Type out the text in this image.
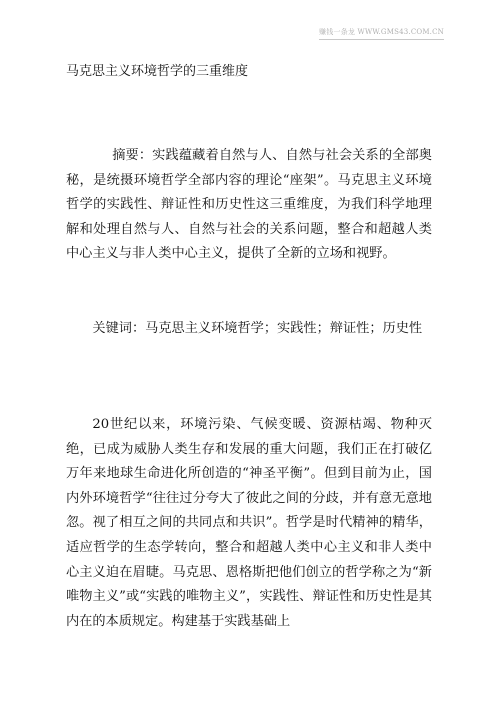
赚钱一条龙 WWW.GMS43.COM.CN
马克思主义环境哲学的三重维度

摘要：实践蕴藏着自然与人、自然与社会关系的全部奥秘，是统摄环境哲学全部内容的理论“座架”。马克思主义环境哲学的实践性、辩证性和历史性这三重维度，为我们科学地理解和处理自然与人、自然与社会的关系问题，整合和超越人类中心主义与非人类中心主义，提供了全新的立场和视野。

关键词：马克思主义环境哲学；实践性；辩证性；历史性

20世纪以来，环境污染、气候变暖、资源枯竭、物种灭绝，已成为威胁人类生存和发展的重大问题，我们正在打破亿万年来地球生命进化所创造的“神圣平衡”。但到目前为止，国内外环境哲学“往往过分夸大了彼此之间的分歧，并有意无意地忽。视了相互之间的共同点和共识”。哲学是时代精神的精华，适应哲学的生态学转向，整合和超越人类中心主义和非人类中心主义迫在眉睫。马克思、恩格斯把他们创立的哲学称之为“新唯物主义”或“实践的唯物主义”，实践性、辩证性和历史性是其内在的本质规定。构建基于实践基础上
